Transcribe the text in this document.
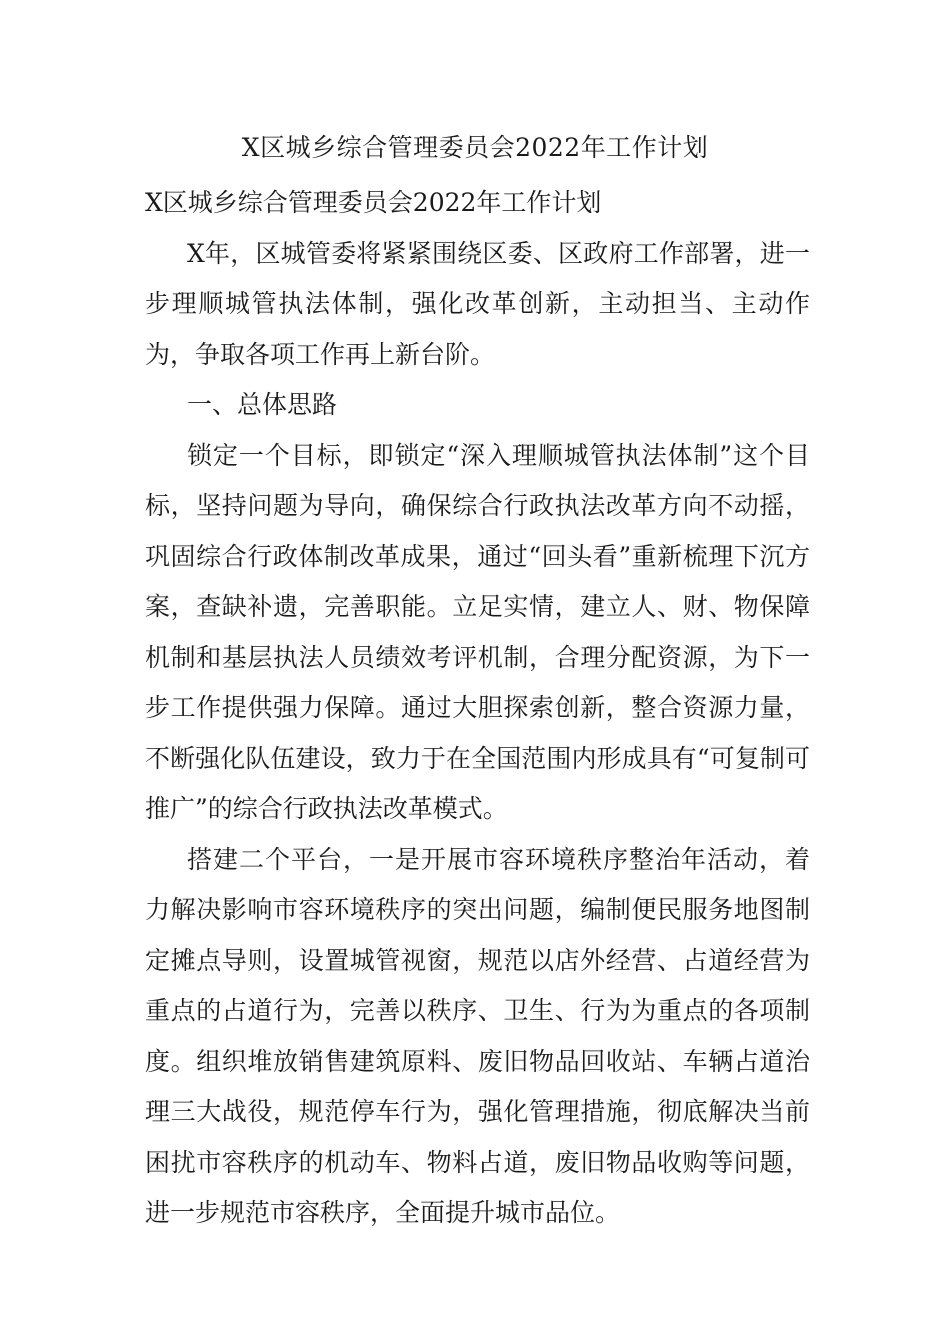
X区城乡综合管理委员会2022年工作计划

X区城乡综合管理委员会2022年工作计划

X年，区城管委将紧紧围绕区委、区政府工作部署，进一步理顺城管执法体制，强化改革创新，主动担当、主动作为，争取各项工作再上新台阶。

一、总体思路

锁定一个目标，即锁定“深入理顺城管执法体制”这个目标，坚持问题为导向，确保综合行政执法改革方向不动摇，巩固综合行政体制改革成果，通过“回头看”重新梳理下沉方案，查缺补遗，完善职能。立足实情，建立人、财、物保障机制和基层执法人员绩效考评机制，合理分配资源，为下一步工作提供强力保障。通过大胆探索创新，整合资源力量，不断强化队伍建设，致力于在全国范围内形成具有“可复制可推广”的综合行政执法改革模式。

搭建二个平台，一是开展市容环境秩序整治年活动，着力解决影响市容环境秩序的突出问题，编制便民服务地图制定摊点导则，设置城管视窗，规范以店外经营、占道经营为重点的占道行为，完善以秩序、卫生、行为为重点的各项制度。组织堆放销售建筑原料、废旧物品回收站、车辆占道治理三大战役，规范停车行为，强化管理措施，彻底解决当前困扰市容秩序的机动车、物料占道，废旧物品收购等问题，进一步规范市容秩序，全面提升城市品位。
